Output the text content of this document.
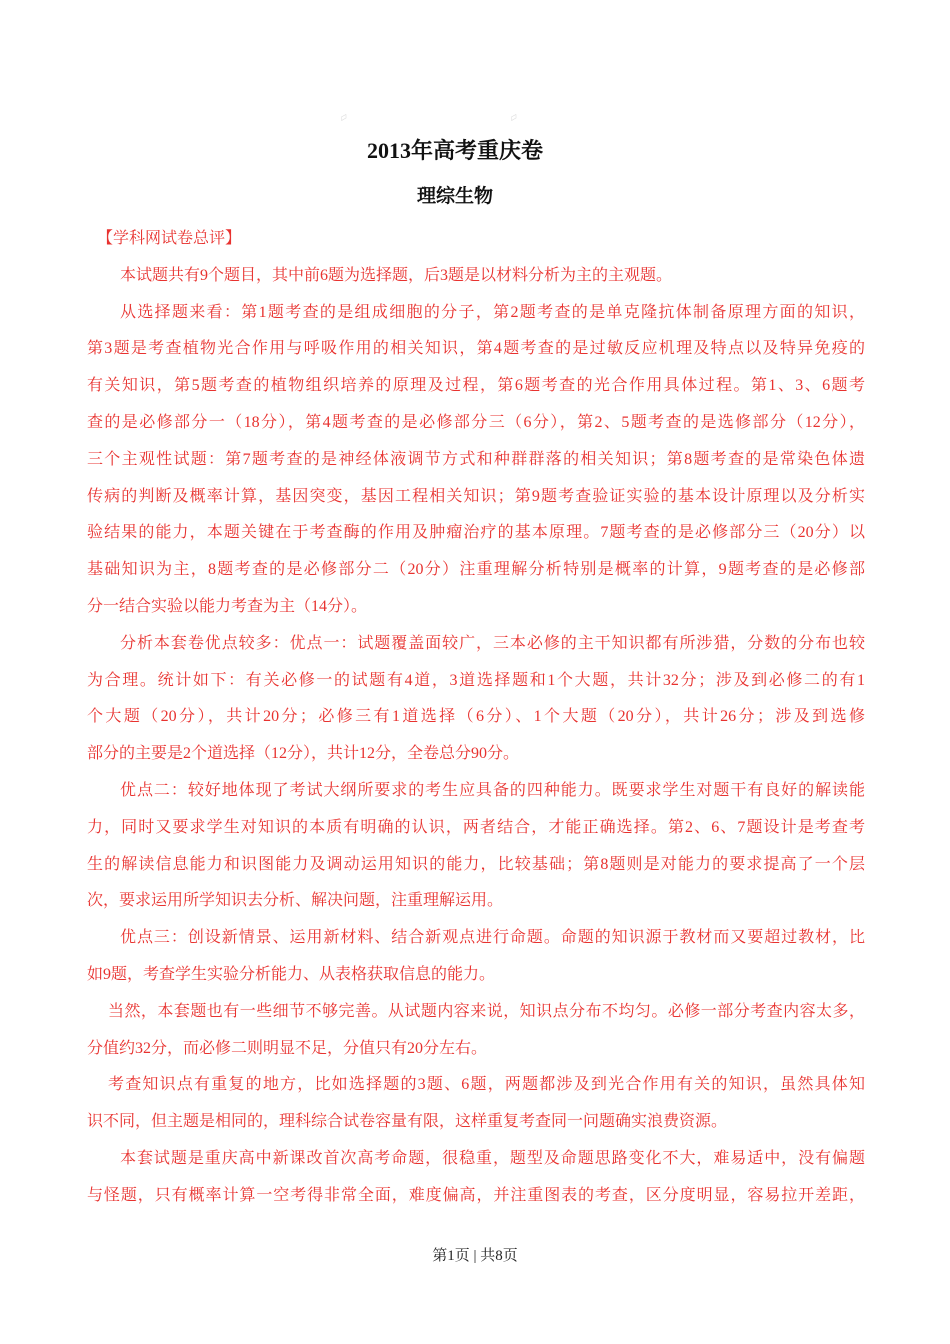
▱	▱
2013年高考重庆卷
理综生物
【学科网试卷总评】
本试题共有9个题目，其中前6题为选择题，后3题是以材料分析为主的主观题。
从选择题来看：第1题考查的是组成细胞的分子，第2题考查的是单克隆抗体制备原理方面的知识，
第3题是考查植物光合作用与呼吸作用的相关知识，第4题考查的是过敏反应机理及特点以及特异免疫的
有关知识，第5题考查的植物组织培养的原理及过程，第6题考查的光合作用具体过程。第1、3、6题考
查的是必修部分一（18分），第4题考查的是必修部分三（6分），第2、5题考查的是选修部分（12分），
三个主观性试题：第7题考查的是神经体液调节方式和种群群落的相关知识；第8题考查的是常染色体遗
传病的判断及概率计算，基因突变，基因工程相关知识；第9题考查验证实验的基本设计原理以及分析实
验结果的能力，本题关键在于考查酶的作用及肿瘤治疗的基本原理。7题考查的是必修部分三（20分）以
基础知识为主，8题考查的是必修部分二（20分）注重理解分析特别是概率的计算，9题考查的是必修部
分一结合实验以能力考查为主（14分）。
分析本套卷优点较多：优点一：试题覆盖面较广，三本必修的主干知识都有所涉猎，分数的分布也较
为合理。统计如下：有关必修一的试题有4道，3道选择题和1个大题，共计32分；涉及到必修二的有1
个大题（20分），共计20分；必修三有1道选择（6分）、1个大题（20分），共计26分；涉及到选修
部分的主要是2个道选择（12分），共计12分，全卷总分90分。
优点二：较好地体现了考试大纲所要求的考生应具备的四种能力。既要求学生对题干有良好的解读能
力，同时又要求学生对知识的本质有明确的认识，两者结合，才能正确选择。第2、6、7题设计是考查考
生的解读信息能力和识图能力及调动运用知识的能力，比较基础；第8题则是对能力的要求提高了一个层
次，要求运用所学知识去分析、解决问题，注重理解运用。
优点三：创设新情景、运用新材料、结合新观点进行命题。命题的知识源于教材而又要超过教材，比
如9题，考查学生实验分析能力、从表格获取信息的能力。
当然，本套题也有一些细节不够完善。从试题内容来说，知识点分布不均匀。必修一部分考查内容太多，
分值约32分，而必修二则明显不足，分值只有20分左右。
考查知识点有重复的地方，比如选择题的3题、6题，两题都涉及到光合作用有关的知识，虽然具体知
识不同，但主题是相同的，理科综合试卷容量有限，这样重复考查同一问题确实浪费资源。
本套试题是重庆高中新课改首次高考命题，很稳重，题型及命题思路变化不大，难易适中，没有偏题
与怪题，只有概率计算一空考得非常全面，难度偏高，并注重图表的考查，区分度明显，容易拉开差距，
第1页 | 共8页
